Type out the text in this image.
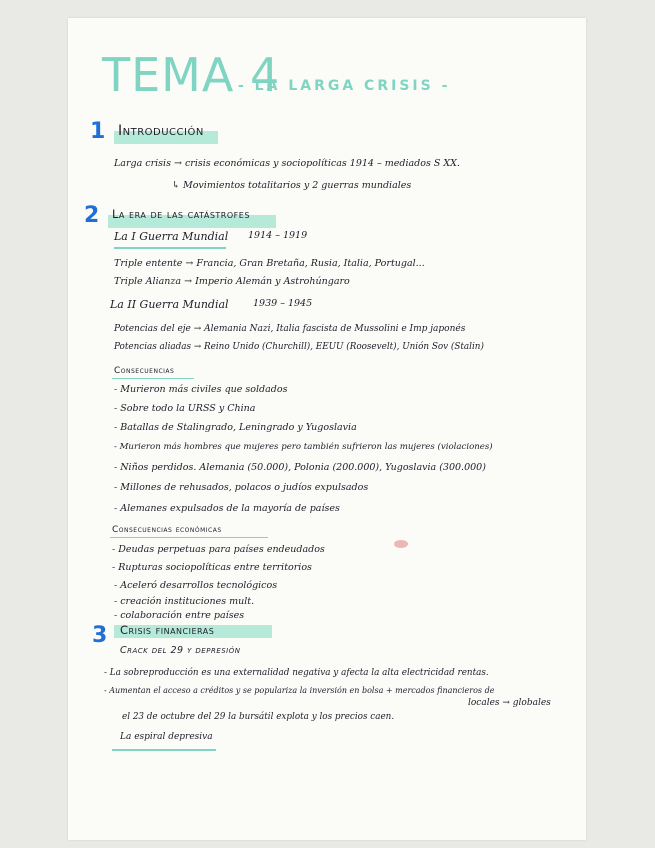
TEMA 4
- LA LARGA CRISIS -
1 Introducción
Larga crisis → crisis económicas y sociopolíticas 1914 – mediados S XX.
↳ Movimientos totalitarios y 2 guerras mundiales
2 La era de las catástrofes
La I Guerra Mundial 1914 – 1919
Triple entente → Francia, Gran Bretaña, Rusia, Italia, Portugal...
Triple Alianza → Imperio Alemán y Astrohúngaro
La II Guerra Mundial	1939 – 1945
Potencias del eje → Alemania Nazi, Italia fascista de Mussolini e Imp japonés
Potencias aliadas → Reino Unido (Churchill), EEUU (Roosevelt), Unión Sov (Stalin)
Consecuencias
- Murieron más civiles que soldados
- Sobre todo la URSS y China
- Batallas de Stalingrado, Leningrado y Yugoslavia
- Murieron más hombres que mujeres pero también sufrieron las mujeres (violaciones)
- Niños perdidos. Alemania (50.000), Polonia (200.000), Yugoslavia (300.000)
- Millones de rehusados, polacos o judíos expulsados
- Alemanes expulsados de la mayoría de países
Consecuencias económicas
- Deudas perpetuas para países endeudados
- Rupturas sociopolíticas entre territorios
- Aceleró desarrollos tecnológicos
- creación instituciones mult.
- colaboración entre países
3 Crisis financieras
Crack del 29 y depresión
- La sobreproducción es una externalidad negativa y afecta la alta electricidad rentas.
- Aumentan el acceso a créditos y se populariza la inversión en bolsa + mercados financieros de
locales → globales
el 23 de octubre del 29 la bursátil explota y los precios caen.
La espiral depresiva
